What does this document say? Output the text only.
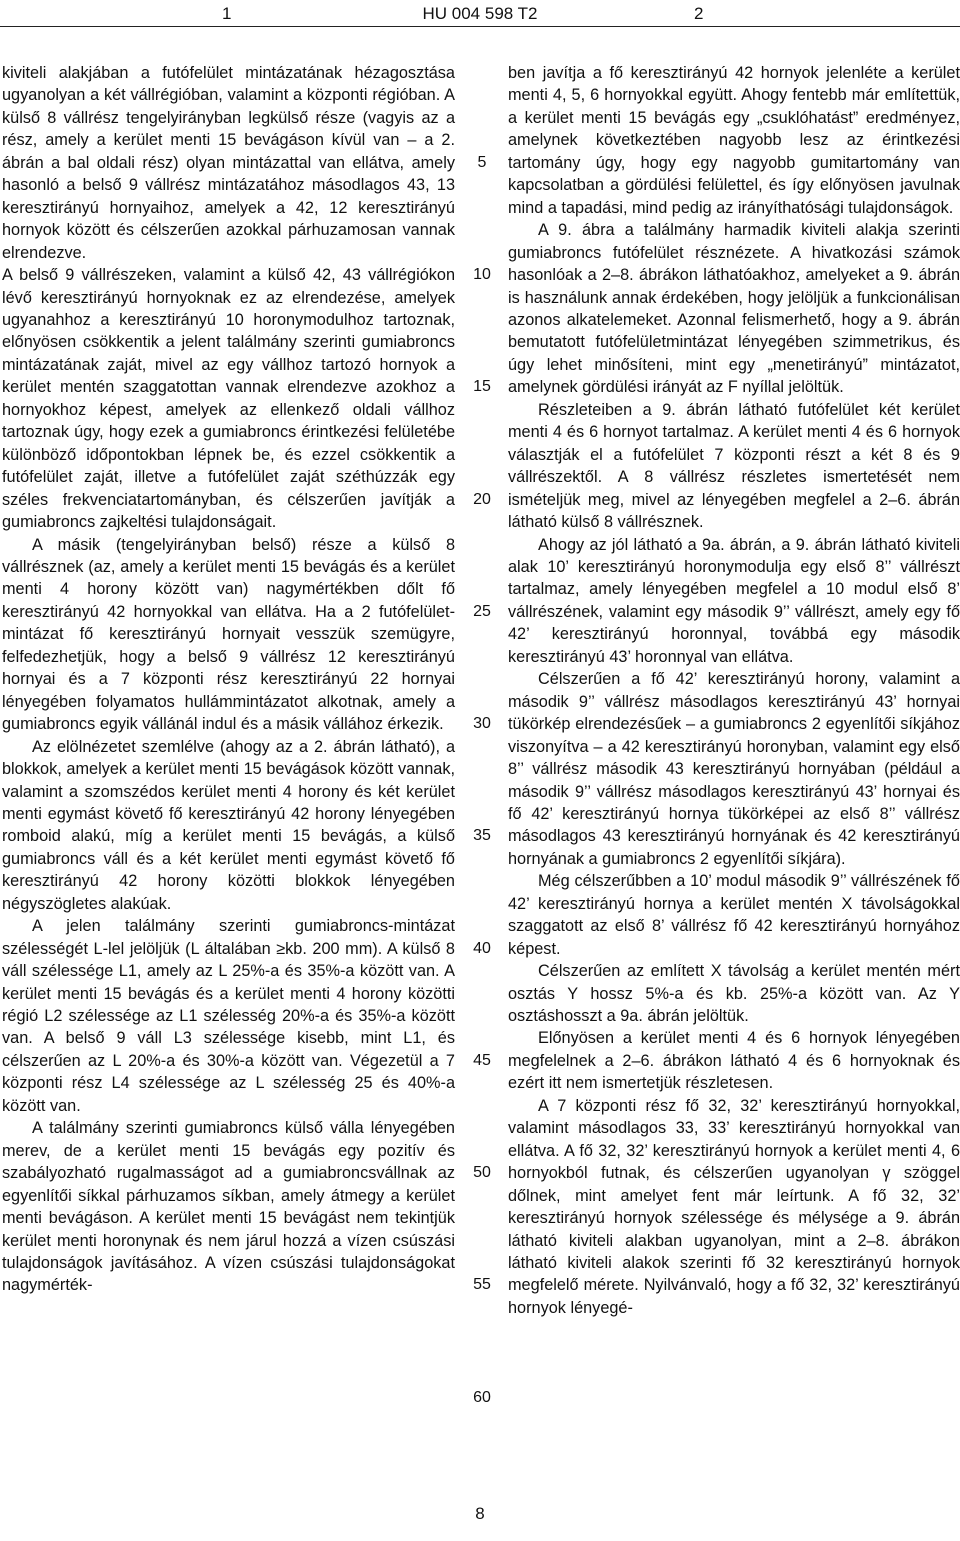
1	HU 004 598 T2	2

kiviteli alakjában a futófelület mintázatának hézagosztása ugyanolyan a két vállrégióban, valamint a központi régióban. A külső 8 vállrész tengelyirányban legkülső része (vagyis az a rész, amely a kerület menti 15 bevágáson kívül van – a 2. ábrán a bal oldali rész) olyan mintázattal van ellátva, amely hasonló a belső 9 vállrész mintázatához másodlagos 43, 13 keresztirányú hornyaihoz, amelyek a 42, 12 keresztirányú hornyok között és célszerűen azokkal párhuzamosan vannak elrendezve.

A belső 9 vállrészeken, valamint a külső 42, 43 vállrégiókon lévő keresztirányú hornyoknak ez az elrendezése, amelyek ugyanahhoz a keresztirányú 10 horonymodulhoz tartoznak, előnyösen csökkentik a jelent találmány szerinti gumiabroncs mintázatának zaját, mivel az egy vállhoz tartozó hornyok a kerület mentén szaggatottan vannak elrendezve azokhoz a hornyokhoz képest, amelyek az ellenkező oldali vállhoz tartoznak úgy, hogy ezek a gumiabroncs érintkezési felületébe különböző időpontokban lépnek be, és ezzel csökkentik a futófelület zaját, illetve a futófelület zaját széthúzzák egy széles frekvenciatartományban, és célszerűen javítják a gumiabroncs zajkeltési tulajdonságait.

A másik (tengelyirányban belső) része a külső 8 vállrésznek (az, amely a kerület menti 15 bevágás és a kerület menti 4 horony között van) nagymértékben dőlt fő keresztirányú 42 hornyokkal van ellátva. Ha a 2 futófelület-mintázat fő keresztirányú hornyait vesszük szemügyre, felfedezhetjük, hogy a belső 9 vállrész 12 keresztirányú hornyai és a 7 központi rész keresztirányú 22 hornyai lényegében folyamatos hullámmintázatot alkotnak, amely a gumiabroncs egyik vállánál indul és a másik vállához érkezik.

Az elölnézetet szemlélve (ahogy az a 2. ábrán látható), a blokkok, amelyek a kerület menti 15 bevágások között vannak, valamint a szomszédos kerület menti 4 horony és két kerület menti egymást követő fő keresztirányú 42 horony lényegében romboid alakú, míg a kerület menti 15 bevágás, a külső gumiabroncs váll és a két kerület menti egymást követő fő keresztirányú 42 horony közötti blokkok lényegében négyszögletes alakúak.

A jelen találmány szerinti gumiabroncs-mintázat szélességét L-lel jelöljük (L általában ≥kb. 200 mm). A külső 8 váll szélessége L1, amely az L 25%-a és 35%-a között van. A kerület menti 15 bevágás és a kerület menti 4 horony közötti régió L2 szélessége az L1 szélesség 20%-a és 35%-a között van. A belső 9 váll L3 szélessége kisebb, mint L1, és célszerűen az L 20%-a és 30%-a között van. Végezetül a 7 központi rész L4 szélessége az L szélesség 25 és 40%-a között van.

A találmány szerinti gumiabroncs külső válla lényegében merev, de a kerület menti 15 bevágás egy pozitív és szabályozható rugalmasságot ad a gumiabroncsvállnak az egyenlítői síkkal párhuzamos síkban, amely átmegy a kerület menti bevágáson. A kerület menti 15 bevágást nem tekintjük kerület menti horonynak és nem járul hozzá a vízen csúszási tulajdonságok javításához. A vízen csúszási tulajdonságokat nagymérték-

ben javítja a fő keresztirányú 42 hornyok jelenléte a kerület menti 4, 5, 6 hornyokkal együtt. Ahogy fentebb már említettük, a kerület menti 15 bevágás egy „csuklóhatást” eredményez, amelynek következtében nagyobb lesz az érintkezési tartomány úgy, hogy egy nagyobb gumitartomány van kapcsolatban a gördülési felülettel, és így előnyösen javulnak mind a tapadási, mind pedig az irányíthatósági tulajdonságok.

A 9. ábra a találmány harmadik kiviteli alakja szerinti gumiabroncs futófelület résznézete. A hivatkozási számok hasonlóak a 2–8. ábrákon láthatóakhoz, amelyeket a 9. ábrán is használunk annak érdekében, hogy jelöljük a funkcionálisan azonos alkatelemeket. Azonnal felismerhető, hogy a 9. ábrán bemutatott futófelületmintázat lényegében szimmetrikus, és úgy lehet minősíteni, mint egy „menetirányú” mintázatot, amelynek gördülési irányát az F nyíllal jelöltük.

Részleteiben a 9. ábrán látható futófelület két kerület menti 4 és 6 hornyot tartalmaz. A kerület menti 4 és 6 hornyok választják el a futófelület 7 központi részt a két 8 és 9 vállrészektől. A 8 vállrész részletes ismertetését nem ismételjük meg, mivel az lényegében megfelel a 2–6. ábrán látható külső 8 vállrésznek.

Ahogy az jól látható a 9a. ábrán, a 9. ábrán látható kiviteli alak 10’ keresztirányú horonymodulja egy első 8’’ vállrészt tartalmaz, amely lényegében megfelel a 10 modul első 8’ vállrészének, valamint egy második 9’’ vállrészt, amely egy fő 42’ keresztirányú horonnyal, továbbá egy második keresztirányú 43’ horonnyal van ellátva.

Célszerűen a fő 42’ keresztirányú horony, valamint a második 9’’ vállrész másodlagos keresztirányú 43’ hornyai tükörkép elrendezésűek – a gumiabroncs 2 egyenlítői síkjához viszonyítva – a 42 keresztirányú horonyban, valamint egy első 8’’ vállrész második 43 keresztirányú hornyában (például a második 9’’ vállrész másodlagos keresztirányú 43’ hornyai és fő 42’ keresztirányú hornya tükörképei az első 8’’ vállrész másodlagos 43 keresztirányú hornyának és 42 keresztirányú hornyának a gumiabroncs 2 egyenlítői síkjára).

Még célszerűbben a 10’ modul második 9’’ vállrészének fő 42’ keresztirányú hornya a kerület mentén X távolságokkal szaggatott az első 8’ vállrész fő 42 keresztirányú hornyához képest.

Célszerűen az említett X távolság a kerület mentén mért osztás Y hossz 5%-a és kb. 25%-a között van. Az Y osztáshosszt a 9a. ábrán jelöltük.

Előnyösen a kerület menti 4 és 6 hornyok lényegében megfelelnek a 2–6. ábrákon látható 4 és 6 hornyoknak és ezért itt nem ismertetjük részletesen.

A 7 központi rész fő 32, 32’ keresztirányú hornyokkal, valamint másodlagos 33, 33’ keresztirányú hornyokkal van ellátva. A fő 32, 32’ keresztirányú hornyok a kerület menti 4, 6 hornyokból futnak, és célszerűen ugyanolyan γ szöggel dőlnek, mint amelyet fent már leírtunk. A fő 32, 32’ keresztirányú hornyok szélessége és mélysége a 9. ábrán látható kiviteli alakban ugyanolyan, mint a 2–8. ábrákon látható kiviteli alakok szerinti fő 32 keresztirányú hornyok megfelelő mérete. Nyilvánvaló, hogy a fő 32, 32’ keresztirányú hornyok lényegé-

5
10
15
20
25
30
35
40
45
50
55
60
8
